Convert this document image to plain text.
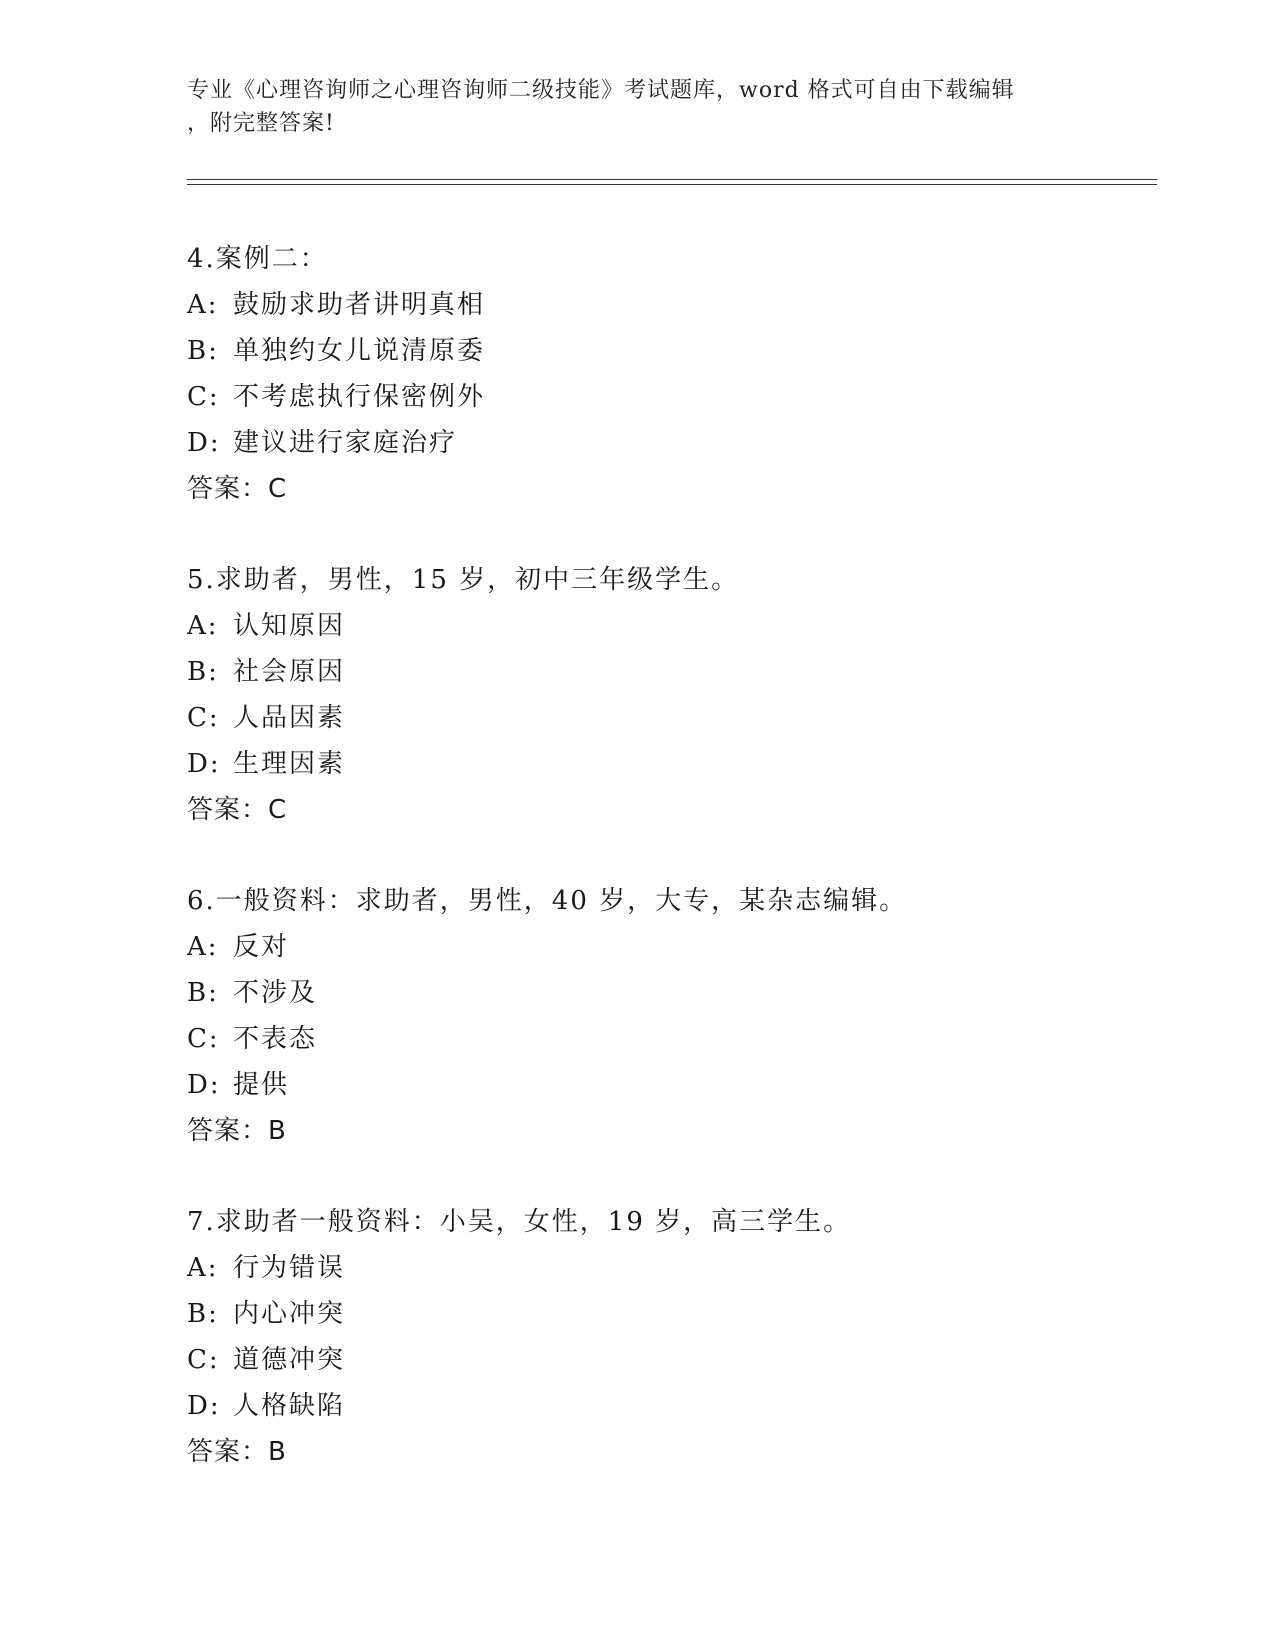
专业《心理咨询师之心理咨询师二级技能》考试题库，word 格式可自由下载编辑
，附完整答案!
4.案例二：
A: 鼓励求助者讲明真相
B: 单独约女儿说清原委
C: 不考虑执行保密例外
D: 建议进行家庭治疗
答案：C
5.求助者，男性，15 岁，初中三年级学生。
A: 认知原因
B: 社会原因
C: 人品因素
D: 生理因素
答案：C
6.一般资料：求助者，男性，40 岁，大专，某杂志编辑。
A: 反对
B: 不涉及
C: 不表态
D: 提供
答案：B
7.求助者一般资料：小吴，女性，19 岁，高三学生。
A: 行为错误
B: 内心冲突
C: 道德冲突
D: 人格缺陷
答案：B
